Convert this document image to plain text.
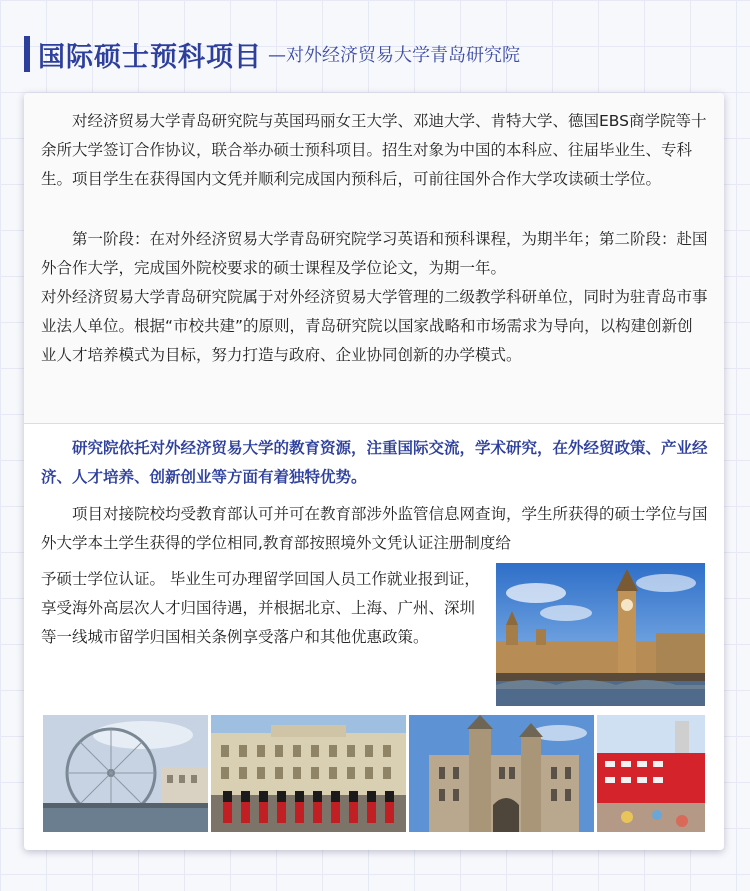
国际硕士预科项目 —对外经济贸易大学青岛研究院

对经济贸易大学青岛研究院与英国玛丽女王大学、邓迪大学、肯特大学、德国EBS商学院等十余所大学签订合作协议，联合举办硕士预科项目。招生对象为中国的本科应、往届毕业生、专科生。项目学生在获得国内文凭并顺利完成国内预科后，可前往国外合作大学攻读硕士学位。

第一阶段：在对外经济贸易大学青岛研究院学习英语和预科课程，为期半年；第二阶段：赴国外合作大学，完成国外院校要求的硕士课程及学位论文，为期一年。

对外经济贸易大学青岛研究院属于对外经济贸易大学管理的二级教学科研单位，同时为驻青岛市事业法人单位。根据“市校共建”的原则，青岛研究院以国家战略和市场需求为导向，以构建创新创业人才培养模式为目标，努力打造与政府、企业协同创新的办学模式。

研究院依托对外经济贸易大学的教育资源，注重国际交流，学术研究，在外经贸政策、产业经济、人才培养、创新创业等方面有着独特优势。

项目对接院校均受教育部认可并可在教育部涉外监管信息网查询，学生所获得的硕士学位与国外大学本土学生获得的学位相同,教育部按照境外文凭认证注册制度给

予硕士学位认证。 毕业生可办理留学回国人员工作就业报到证，享受海外高层次人才归国待遇，并根据北京、上海、广州、深圳等一线城市留学归国相关条例享受落户和其他优惠政策。
